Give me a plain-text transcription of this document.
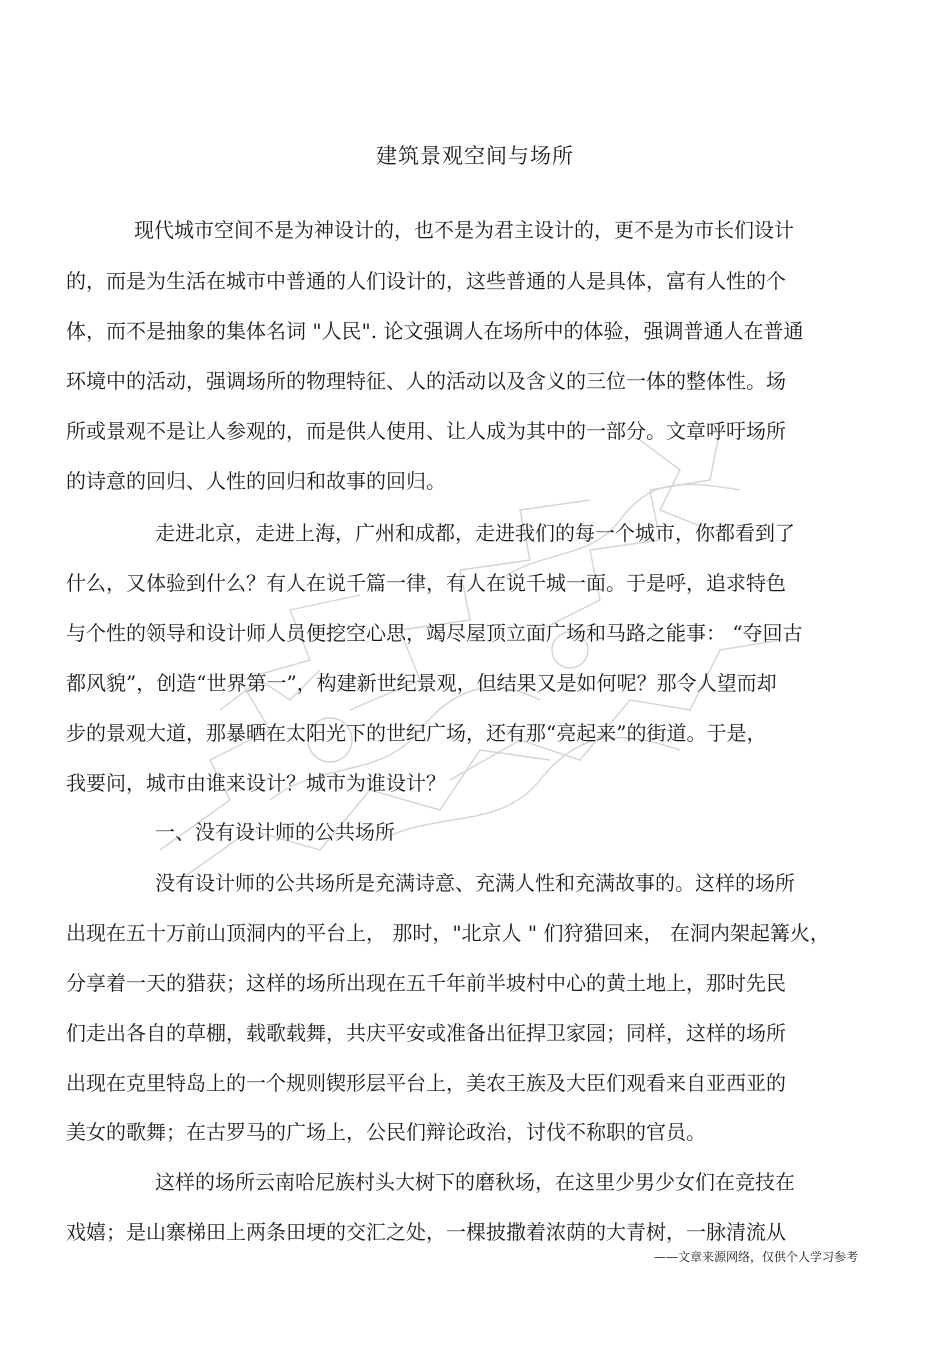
建筑景观空间与场所
现代城市空间不是为神设计的，也不是为君主设计的，更不是为市长们设计
的，而是为生活在城市中普通的人们设计的，这些普通的人是具体，富有人性的个
体，而不是抽象的集体名词 "人民". 论文强调人在场所中的体验，强调普通人在普通
环境中的活动，强调场所的物理特征、人的活动以及含义的三位一体的整体性。场
所或景观不是让人参观的，而是供人使用、让人成为其中的一部分。文章呼吁场所
的诗意的回归、人性的回归和故事的回归。
走进北京，走进上海，广州和成都，走进我们的每一个城市，你都看到了
什么，又体验到什么？有人在说千篇一律，有人在说千城一面。于是呼，追求特色
与个性的领导和设计师人员便挖空心思，竭尽屋顶立面广场和马路之能事： “夺回古
都风貌”，创造“世界第一”，构建新世纪景观，但结果又是如何呢？那令人望而却
步的景观大道，那暴晒在太阳光下的世纪广场，还有那“亮起来”的街道。于是，
我要问，城市由谁来设计？城市为谁设计？
一、没有设计师的公共场所
没有设计师的公共场所是充满诗意、充满人性和充满故事的。这样的场所
出现在五十万前山顶洞内的平台上， 那时，"北京人 " 们狩猎回来， 在洞内架起篝火，
分享着一天的猎获；这样的场所出现在五千年前半坡村中心的黄土地上，那时先民
们走出各自的草棚，载歌载舞，共庆平安或准备出征捍卫家园；同样，这样的场所
出现在克里特岛上的一个规则锲形层平台上，美农王族及大臣们观看来自亚西亚的
美女的歌舞；在古罗马的广场上，公民们辩论政治，讨伐不称职的官员。
这样的场所云南哈尼族村头大树下的磨秋场，在这里少男少女们在竞技在
戏嬉；是山寨梯田上两条田埂的交汇之处，一棵披撒着浓荫的大青树，一脉清流从
——文章来源网络，仅供个人学习参考
